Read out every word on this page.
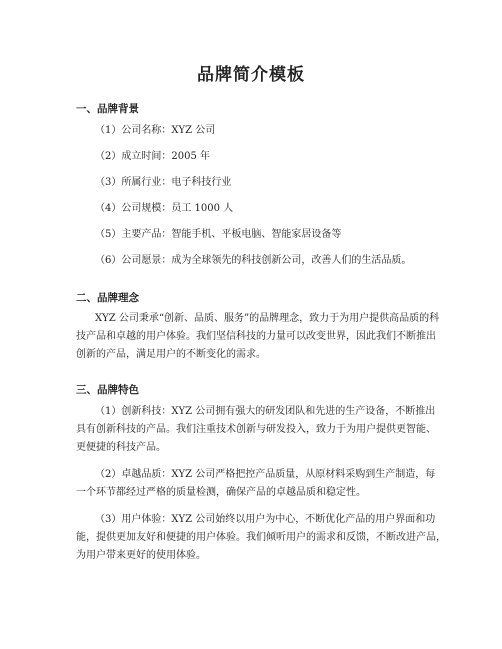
品牌简介模板
一、品牌背景
（1）公司名称：XYZ 公司
（2）成立时间：2005 年
（3）所属行业：电子科技行业
（4）公司规模：员工 1000 人
（5）主要产品：智能手机、平板电脑、智能家居设备等
（6）公司愿景：成为全球领先的科技创新公司，改善人们的生活品质。
二、品牌理念
XYZ 公司秉承“创新、品质、服务”的品牌理念，致力于为用户提供高品质的科
技产品和卓越的用户体验。我们坚信科技的力量可以改变世界，因此我们不断推出
创新的产品，满足用户的不断变化的需求。
三、品牌特色
（1）创新科技：XYZ 公司拥有强大的研发团队和先进的生产设备，不断推出
具有创新科技的产品。我们注重技术创新与研发投入，致力于为用户提供更智能、
更便捷的科技产品。
（2）卓越品质：XYZ 公司严格把控产品质量，从原材料采购到生产制造，每
一个环节都经过严格的质量检测，确保产品的卓越品质和稳定性。
（3）用户体验：XYZ 公司始终以用户为中心，不断优化产品的用户界面和功
能，提供更加友好和便捷的用户体验。我们倾听用户的需求和反馈，不断改进产品，
为用户带来更好的使用体验。
